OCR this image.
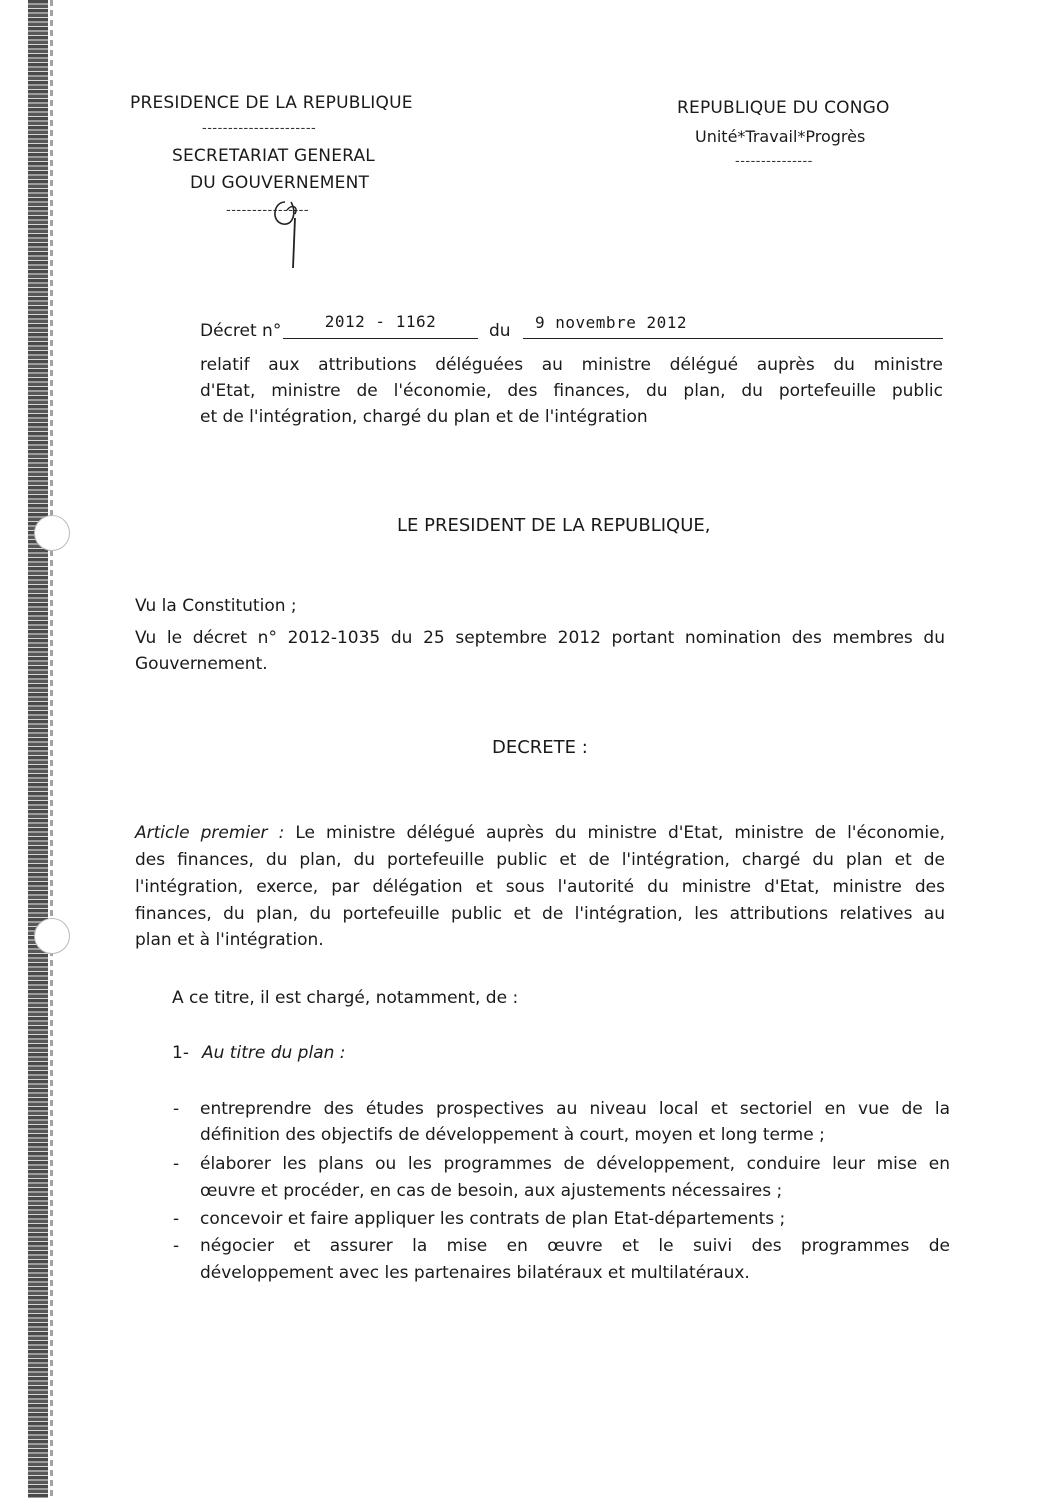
PRESIDENCE DE LA REPUBLIQUE
----------------------
SECRETARIAT GENERAL
DU GOUVERNEMENT
----------------
REPUBLIQUE DU CONGO
Unité*Travail*Progrès
---------------
Décret n°	2012 - 1162	du	9 novembre 2012
relatif aux attributions déléguées au ministre délégué auprès du ministre
d'Etat, ministre de l'économie, des finances, du plan, du portefeuille public
et de l'intégration, chargé du plan et de l'intégration
LE PRESIDENT DE LA REPUBLIQUE,
Vu la Constitution ;
Vu le décret n° 2012-1035 du 25 septembre 2012 portant nomination des membres du
Gouvernement.
DECRETE :
Article premier : Le ministre délégué auprès du ministre d'Etat, ministre de l'économie,
des finances, du plan, du portefeuille public et de l'intégration, chargé du plan et de
l'intégration, exerce, par délégation et sous l'autorité du ministre d'Etat, ministre des
finances, du plan, du portefeuille public et de l'intégration, les attributions relatives au
plan et à l'intégration.
A ce titre, il est chargé, notamment, de :
1- Au titre du plan :
- entreprendre des études prospectives au niveau local et sectoriel en vue de la
définition des objectifs de développement à court, moyen et long terme ;
- élaborer les plans ou les programmes de développement, conduire leur mise en
œuvre et procéder, en cas de besoin, aux ajustements nécessaires ;
- concevoir et faire appliquer les contrats de plan Etat-départements ;
- négocier et assurer la mise en œuvre et le suivi des programmes de
développement avec les partenaires bilatéraux et multilatéraux.
